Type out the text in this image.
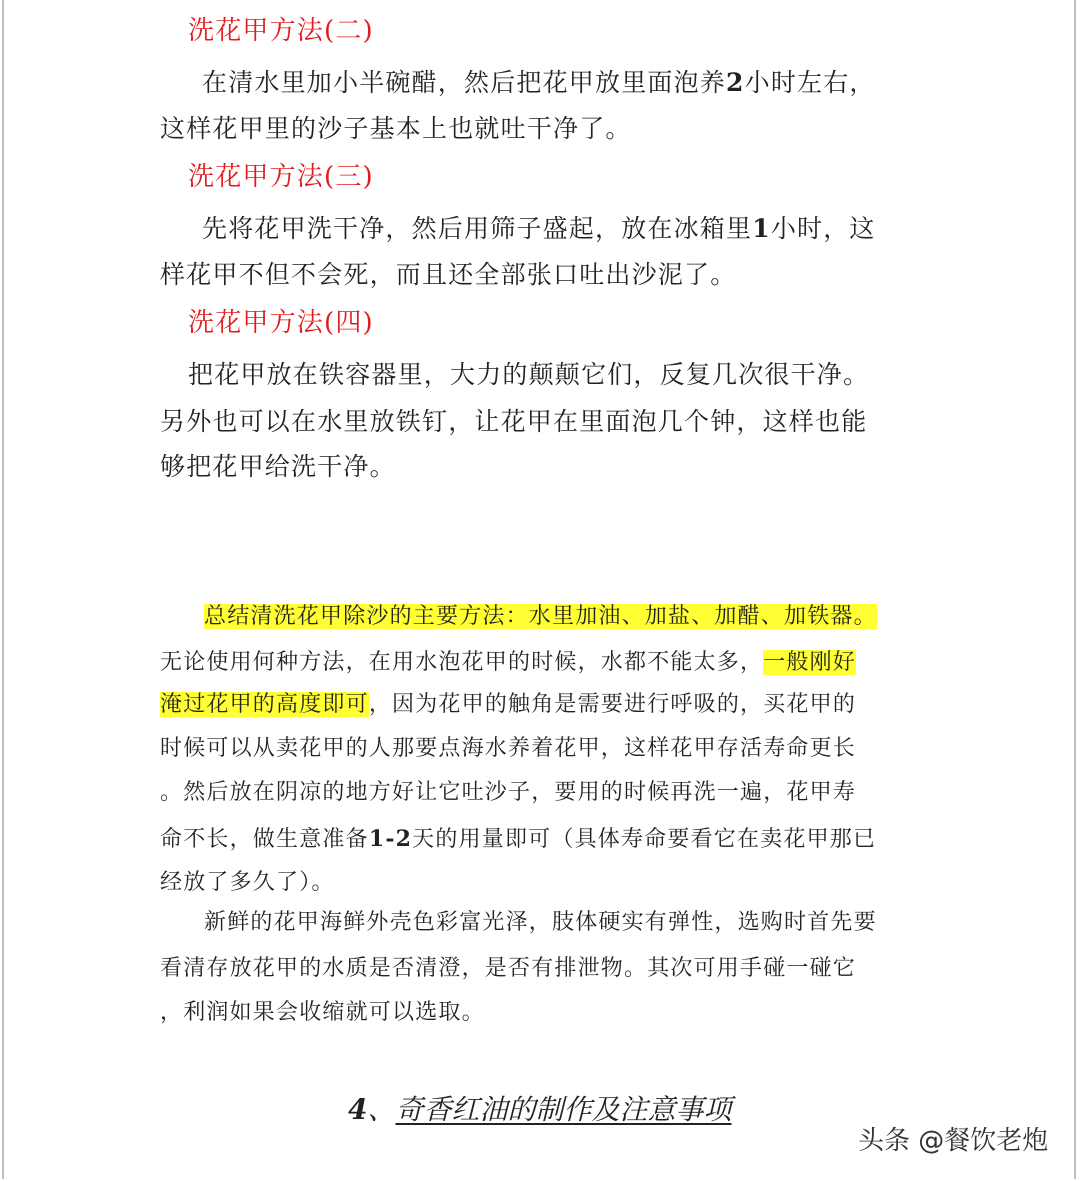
洗花甲方法(二)
在清水里加小半碗醋，然后把花甲放里面泡养2小时左右，
这样花甲里的沙子基本上也就吐干净了。
洗花甲方法(三)
先将花甲洗干净，然后用筛子盛起，放在冰箱里1小时，这
样花甲不但不会死，而且还全部张口吐出沙泥了。
洗花甲方法(四)
把花甲放在铁容器里，大力的颠颠它们，反复几次很干净。
另外也可以在水里放铁钉，让花甲在里面泡几个钟，这样也能
够把花甲给洗干净。
总结清洗花甲除沙的主要方法：水里加油、加盐、加醋、加铁器。
无论使用何种方法，在用水泡花甲的时候，水都不能太多，一般刚好
淹过花甲的高度即可，因为花甲的触角是需要进行呼吸的，买花甲的
时候可以从卖花甲的人那要点海水养着花甲，这样花甲存活寿命更长
。然后放在阴凉的地方好让它吐沙子，要用的时候再洗一遍，花甲寿
命不长，做生意准备1-2天的用量即可（具体寿命要看它在卖花甲那已
经放了多久了）。
新鲜的花甲海鲜外壳色彩富光泽，肢体硬实有弹性，选购时首先要
看清存放花甲的水质是否清澄，是否有排泄物。其次可用手碰一碰它
，利润如果会收缩就可以选取。
4、奇香红油的制作及注意事项
头条 @餐饮老炮
